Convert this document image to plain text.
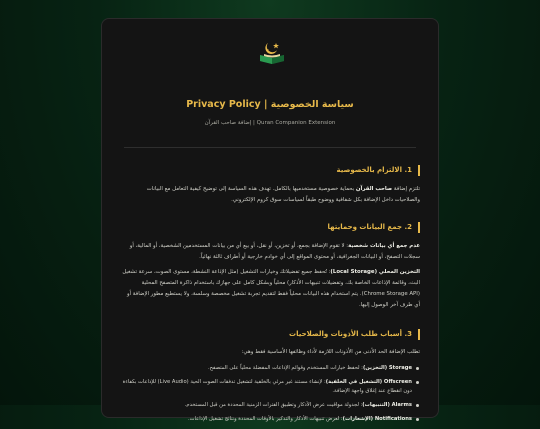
Privacy Policy | سياسة الخصوصية
إضافة صاحب القرآن | Quran Companion Extension
1. الالتزام بالخصوصية
تلتزم إضافة صاحب القرآن بحماية خصوصية مستخدميها بالكامل. تهدف هذه السياسة إلى توضيح كيفية التعامل مع البيانات والصلاحيات داخل الإضافة بكل شفافية ووضوح طبقاً لسياسات سوق كروم الإلكتروني.
2. جمع البيانات وحمايتها
عدم جمع أي بيانات شخصية: لا تقوم الإضافة بجمع، أو تخزين، أو نقل، أو بيع أي من بيانات المستخدمين الشخصية، أو المالية، أو سجلات التصفح، أو البيانات الجغرافية، أو محتوى المواقع إلى أي خوادم خارجية أو أطراف ثالثة نهائياً.
التخزين المحلي (Local Storage): تُحفظ جميع تفضيلاتك وخيارات التشغيل (مثل الإذاعة النشطة، مستوى الصوت، سرعة تشغيل البث، وقائمة الإذاعات الخاصة بك، وتفضيلات تنبيهات الأذكار) محلياً وبشكل كامل على جهازك باستخدام ذاكرة المتصفح المحلية (Chrome Storage API). يتم استخدام هذه البيانات محلياً فقط لتقديم تجربة تشغيل مخصصة وسلسة، ولا يستطيع مطور الإضافة أو أي طرف آخر الوصول إليها.
3. أسباب طلب الأذونات والصلاحيات
تطلب الإضافة الحد الأدنى من الأذونات اللازمة لأداء وظائفها الأساسية فقط وهي:
Storage (التخزين): لحفظ خيارات المستخدم وقوائم الإذاعات المفضلة محلياً على المتصفح.
Offscreen (التشغيل في الخلفية): لإنشاء مستند غير مرئي بالخلفية لتشغيل تدفقات الصوت الحية (Live Audio) للإذاعات بكفاءة دون انقطاع عند إغلاق واجهة الإضافة.
Alarms (التنبيهات): لجدولة مواقيت عرض الأذكار وتطبيق الفترات الزمنية المحددة من قبل المستخدم.
Notifications (الإشعارات): لعرض تنبيهات الأذكار والتذكير بالأوقات المحددة ونتائج تشغيل الإذاعات.
